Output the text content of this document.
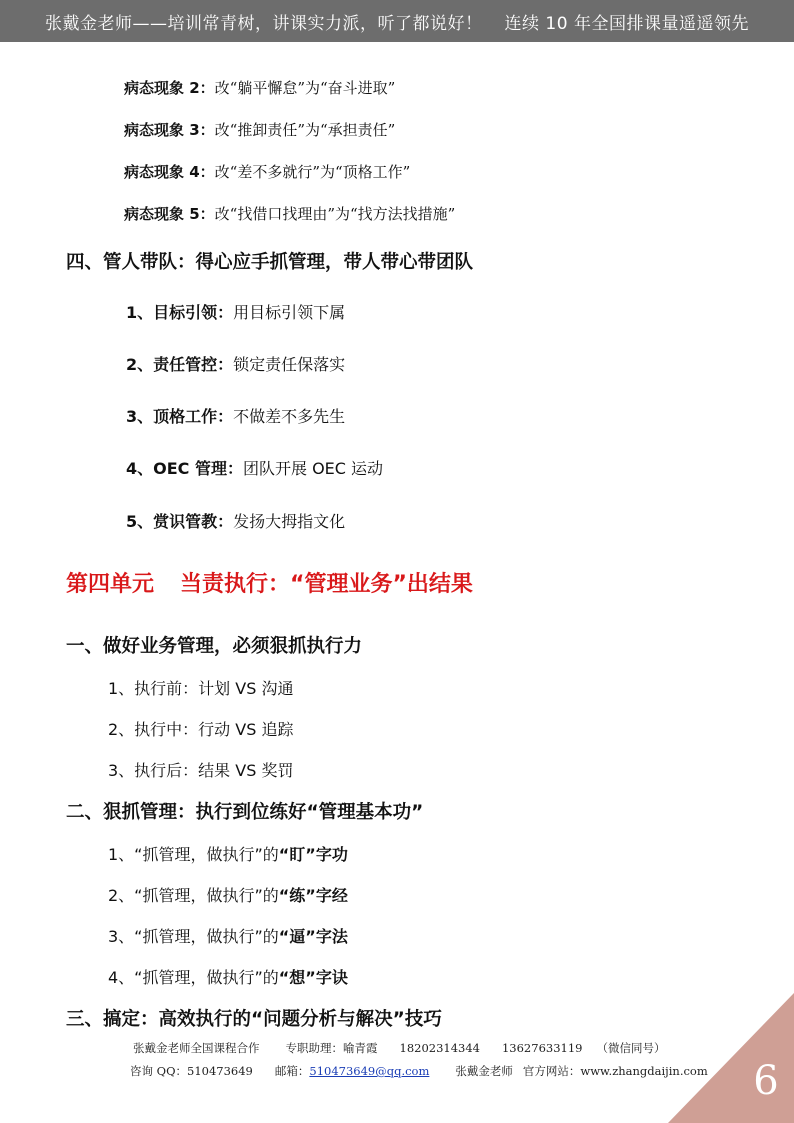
张戴金老师——培训常青树，讲课实力派，听了都说好！ 连续 10 年全国排课量遥遥领先
病态现象 2：改“躺平懈怠”为“奋斗进取”
病态现象 3：改“推卸责任”为“承担责任”
病态现象 4：改“差不多就行”为“顶格工作”
病态现象 5：改“找借口找理由”为“找方法找措施”
四、管人带队：得心应手抓管理，带人带心带团队
1、目标引领：用目标引领下属
2、责任管控：锁定责任保落实
3、顶格工作：不做差不多先生
4、OEC 管理：团队开展 OEC 运动
5、赏识管教：发扬大拇指文化
第四单元 当责执行：“管理业务”出结果
一、做好业务管理，必须狠抓执行力
1、执行前：计划 VS 沟通
2、执行中：行动 VS 追踪
3、执行后：结果 VS 奖罚
二、狠抓管理：执行到位练好“管理基本功”
1、“抓管理，做执行”的“盯”字功
2、“抓管理，做执行”的“练”字经
3、“抓管理，做执行”的“逼”字法
4、“抓管理，做执行”的“想”字诀
三、搞定：高效执行的“问题分析与解决”技巧
张戴金老师全国课程合作 专职助理：喻青霞 18202314344 13627633119 （微信同号）
咨询 QQ：510473649 邮箱：510473649@qq.com 张戴金老师 官方网站：www.zhangdaijin.com 6
